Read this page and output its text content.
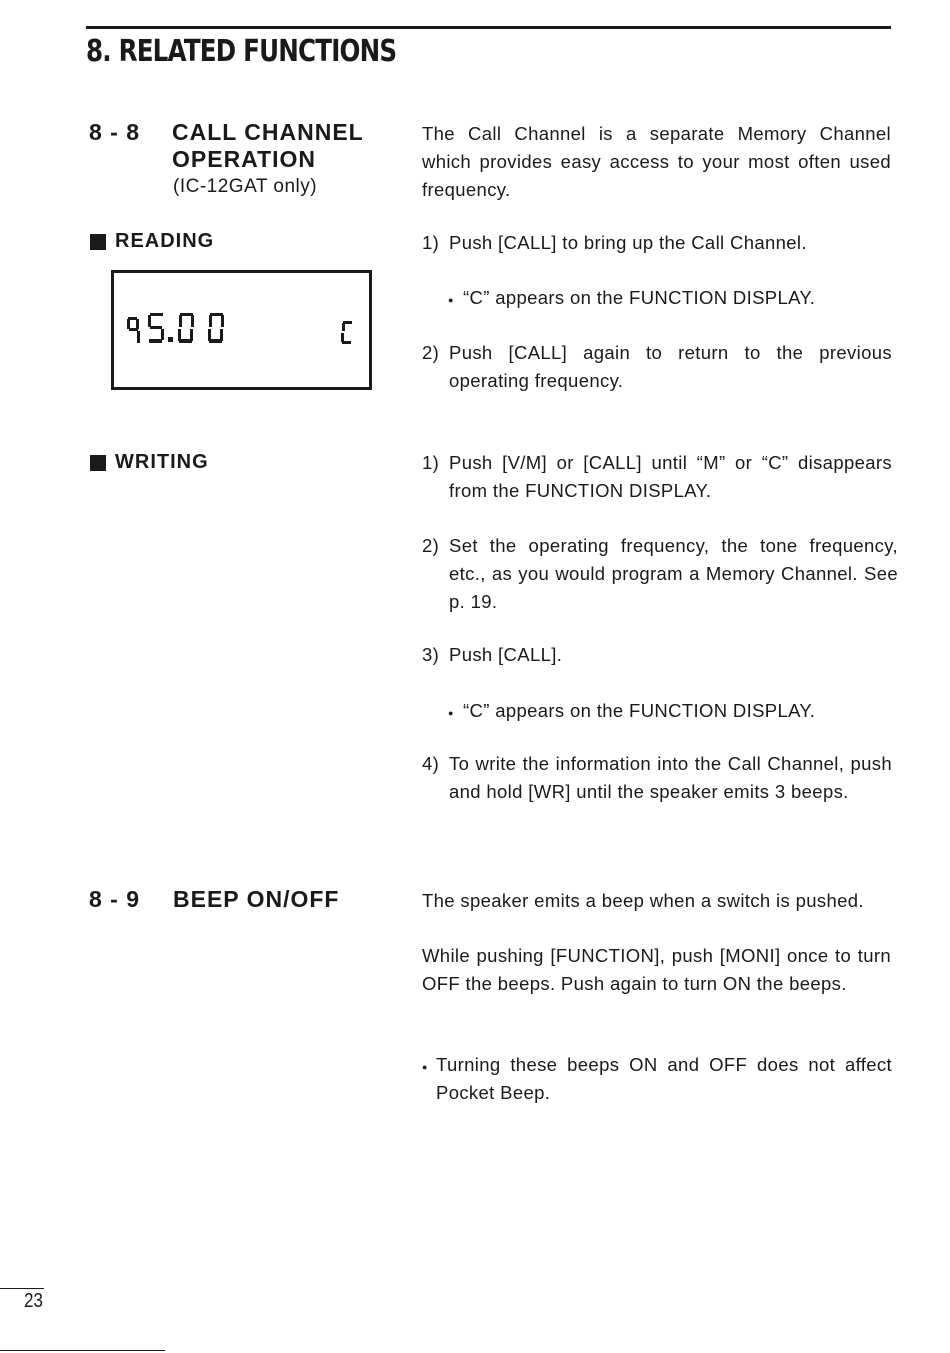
8. RELATED FUNCTIONS
8 - 8 CALL CHANNEL
OPERATION
(IC-12GAT only)
The Call Channel is a separate Memory Channel which provides easy access to your most often used frequency.
READING	1) Push [CALL] to bring up the Call Channel.
● “C” appears on the FUNCTION DISPLAY.
2) Push [CALL] again to return to the previous operating frequency.
WRITING	1) Push [V/M] or [CALL] until “M” or “C” disappears from the FUNCTION DISPLAY.
2) Set the operating frequency, the tone frequency, etc., as you would program a Memory Channel. See p. 19.
3) Push [CALL].
● “C” appears on the FUNCTION DISPLAY.
4) To write the information into the Call Channel, push and hold [WR] until the speaker emits 3 beeps.
8 - 9 BEEP ON/OFF	The speaker emits a beep when a switch is pushed.
While pushing [FUNCTION], push [MONI] once to turn OFF the beeps. Push again to turn ON the beeps.
● Turning these beeps ON and OFF does not affect Pocket Beep.
23
